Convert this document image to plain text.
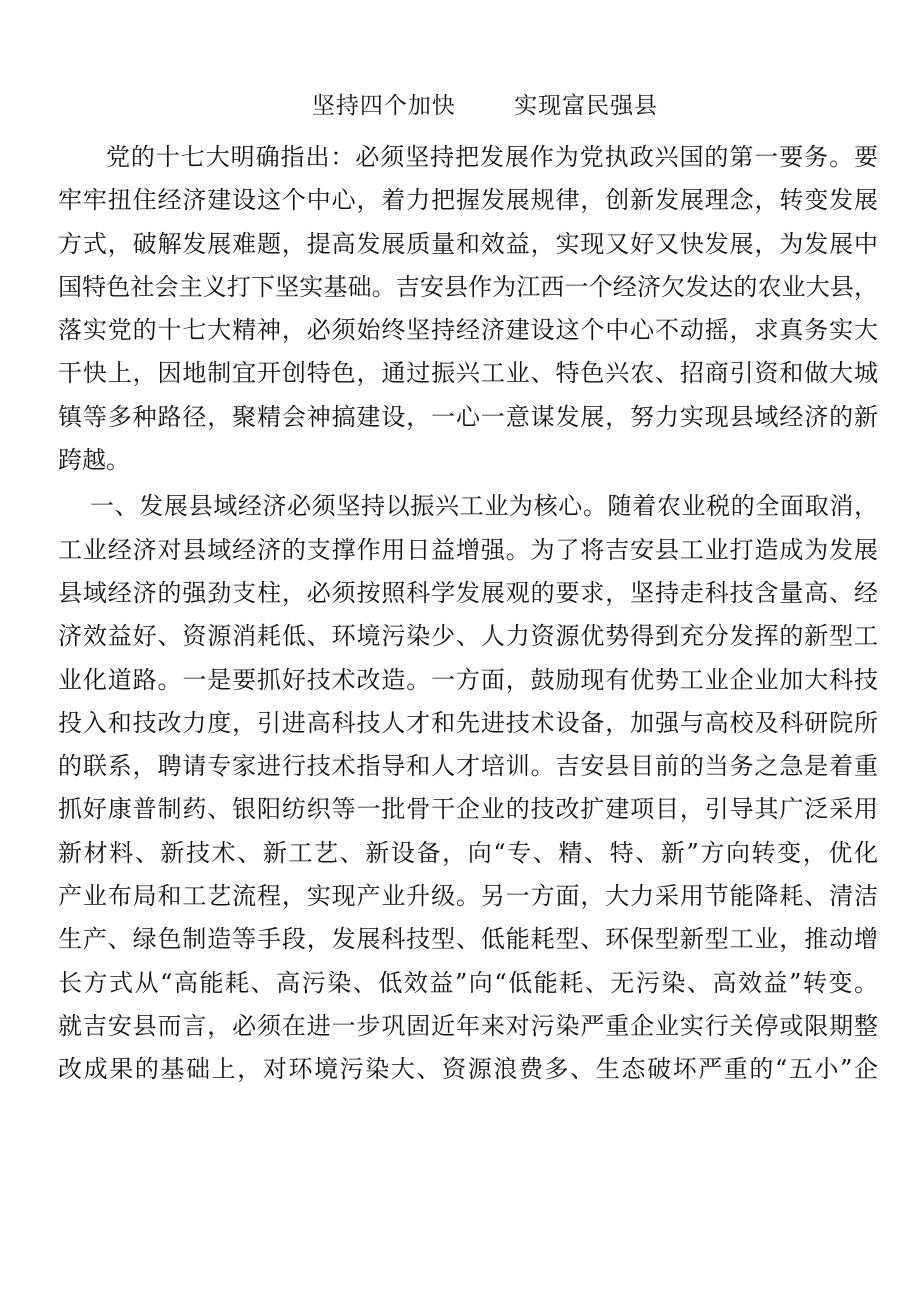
坚持四个加快       实现富民强县
党的十七大明确指出：必须坚持把发展作为党执政兴国的第一要务。要
牢牢扭住经济建设这个中心，着力把握发展规律，创新发展理念，转变发展
方式，破解发展难题，提高发展质量和效益，实现又好又快发展，为发展中
国特色社会主义打下坚实基础。吉安县作为江西一个经济欠发达的农业大县，
落实党的十七大精神，必须始终坚持经济建设这个中心不动摇，求真务实大
干快上，因地制宜开创特色，通过振兴工业、特色兴农、招商引资和做大城
镇等多种路径，聚精会神搞建设，一心一意谋发展，努力实现县域经济的新
跨越。
一、发展县域经济必须坚持以振兴工业为核心。随着农业税的全面取消，
工业经济对县域经济的支撑作用日益增强。为了将吉安县工业打造成为发展
县域经济的强劲支柱，必须按照科学发展观的要求，坚持走科技含量高、经
济效益好、资源消耗低、环境污染少、人力资源优势得到充分发挥的新型工
业化道路。一是要抓好技术改造。一方面，鼓励现有优势工业企业加大科技
投入和技改力度，引进高科技人才和先进技术设备，加强与高校及科研院所
的联系，聘请专家进行技术指导和人才培训。吉安县目前的当务之急是着重
抓好康普制药、银阳纺织等一批骨干企业的技改扩建项目，引导其广泛采用
新材料、新技术、新工艺、新设备，向“专、精、特、新”方向转变，优化
产业布局和工艺流程，实现产业升级。另一方面，大力采用节能降耗、清洁
生产、绿色制造等手段，发展科技型、低能耗型、环保型新型工业，推动增
长方式从“高能耗、高污染、低效益”向“低能耗、无污染、高效益”转变。
就吉安县而言，必须在进一步巩固近年来对污染严重企业实行关停或限期整
改成果的基础上，对环境污染大、资源浪费多、生态破坏严重的“五小”企
